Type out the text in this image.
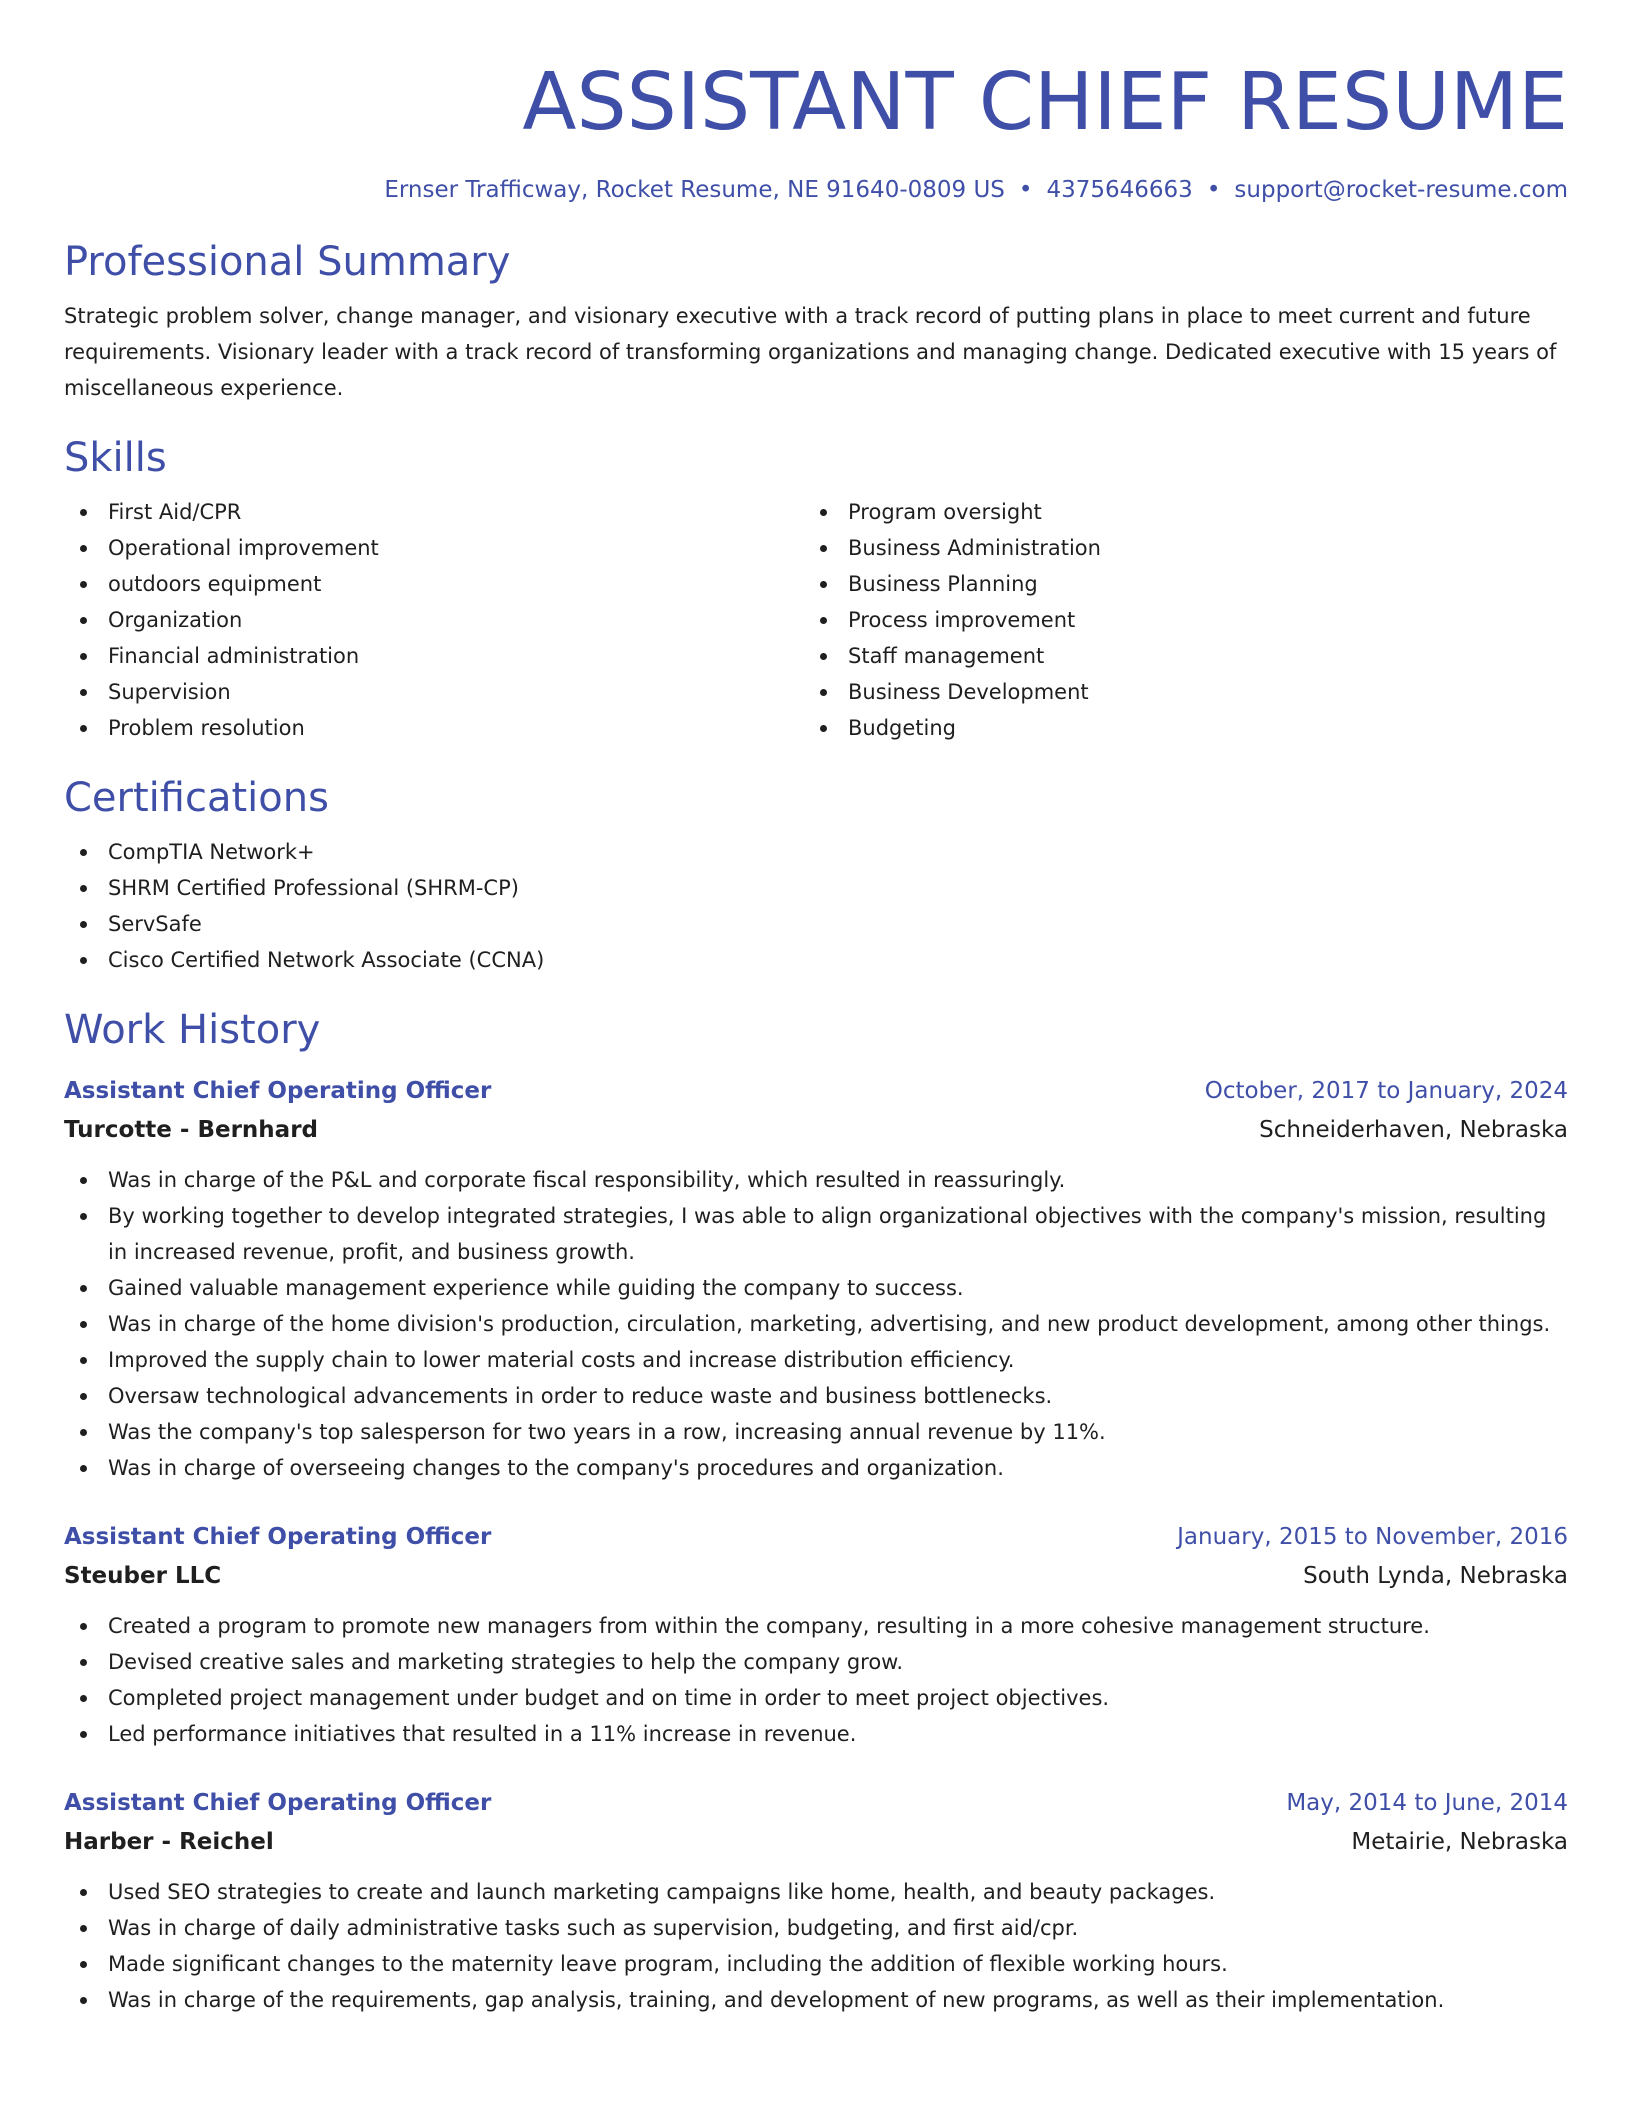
ASSISTANT CHIEF RESUME
Ernser Trafficway, Rocket Resume, NE 91640-0809 US • 4375646663 • support@rocket-resume.com
Professional Summary

Strategic problem solver, change manager, and visionary executive with a track record of putting plans in place to meet current and future requirements. Visionary leader with a track record of transforming organizations and managing change. Dedicated executive with 15 years of miscellaneous experience.

Skills
First Aid/CPR
Operational improvement
outdoors equipment
Organization
Financial administration
Supervision
Problem resolution
Program oversight
Business Administration
Business Planning
Process improvement
Staff management
Business Development
Budgeting
Certifications
CompTIA Network+
SHRM Certified Professional (SHRM-CP)
ServSafe
Cisco Certified Network Associate (CCNA)
Work History
Assistant Chief Operating Officer	October, 2017 to January, 2024
Turcotte - Bernhard	Schneiderhaven, Nebraska
Was in charge of the P&L and corporate fiscal responsibility, which resulted in reassuringly.
By working together to develop integrated strategies, I was able to align organizational objectives with the company's mission, resulting in increased revenue, profit, and business growth.
Gained valuable management experience while guiding the company to success.
Was in charge of the home division's production, circulation, marketing, advertising, and new product development, among other things.
Improved the supply chain to lower material costs and increase distribution efficiency.
Oversaw technological advancements in order to reduce waste and business bottlenecks.
Was the company's top salesperson for two years in a row, increasing annual revenue by 11%.
Was in charge of overseeing changes to the company's procedures and organization.
Assistant Chief Operating Officer	January, 2015 to November, 2016
Steuber LLC	South Lynda, Nebraska
Created a program to promote new managers from within the company, resulting in a more cohesive management structure.
Devised creative sales and marketing strategies to help the company grow.
Completed project management under budget and on time in order to meet project objectives.
Led performance initiatives that resulted in a 11% increase in revenue.
Assistant Chief Operating Officer	May, 2014 to June, 2014
Harber - Reichel	Metairie, Nebraska
Used SEO strategies to create and launch marketing campaigns like home, health, and beauty packages.
Was in charge of daily administrative tasks such as supervision, budgeting, and first aid/cpr.
Made significant changes to the maternity leave program, including the addition of flexible working hours.
Was in charge of the requirements, gap analysis, training, and development of new programs, as well as their implementation.
